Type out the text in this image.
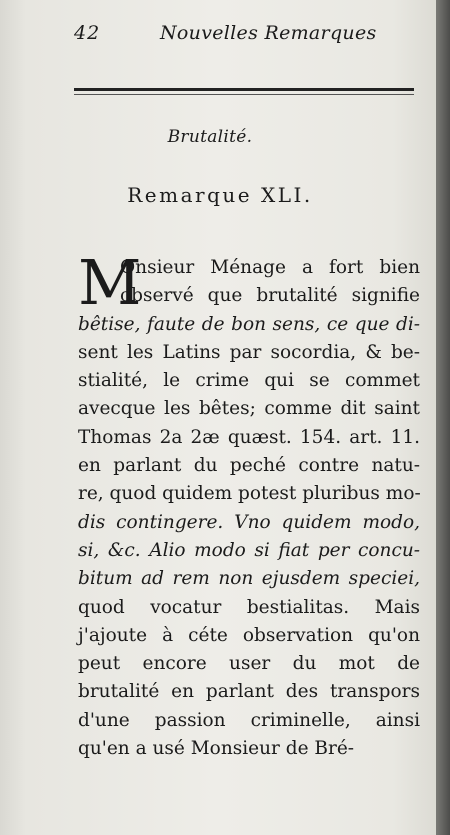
42	Nouvelles Remarques
Brutalité.
Remarque XLI.
M
Onsieur Ménage a fort bien
observé que brutalité signifie
bêtise, faute de bon sens, ce que di-
sent les Latins par socordia, & be-
stialité, le crime qui se commet
avecque les bêtes; comme dit saint
Thomas 2a 2æ quæst. 154. art. 11.
en parlant du peché contre natu-
re, quod quidem potest pluribus mo-
dis contingere. Vno quidem modo,
si, &c. Alio modo si fiat per concu-
bitum ad rem non ejusdem speciei,
quod vocatur bestialitas. Mais
j'ajoute à céte observation qu'on
peut encore user du mot de
brutalité en parlant des transpors
d'une passion criminelle, ainsi
qu'en a usé Monsieur de Bré-
